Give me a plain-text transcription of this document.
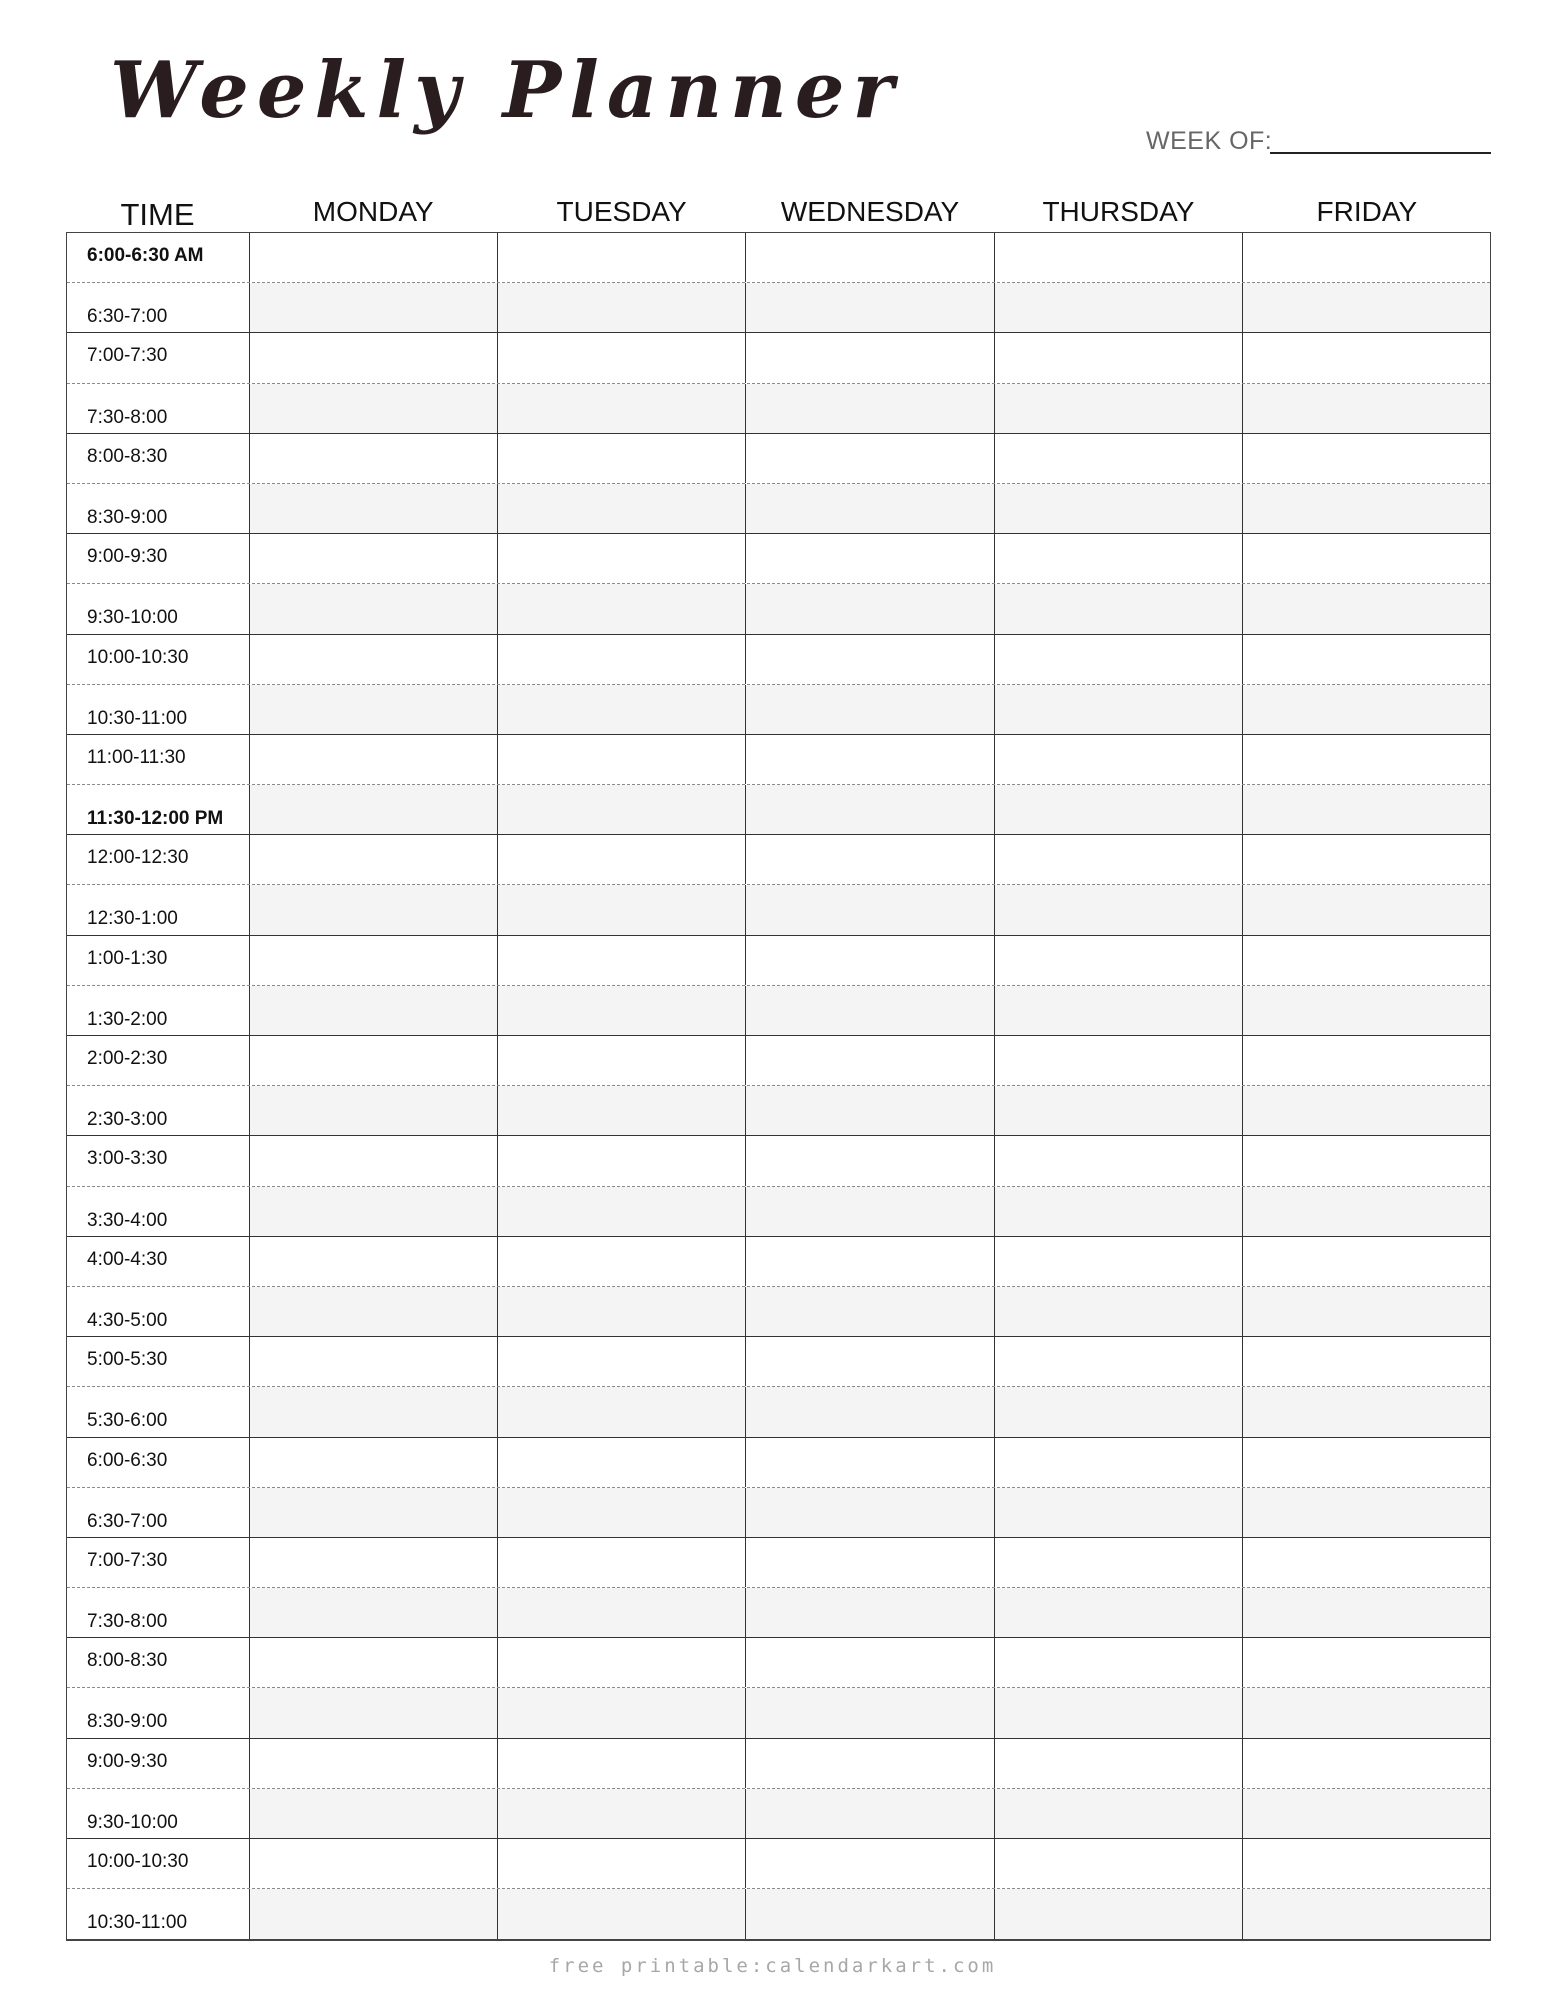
Weekly Planner
WEEK OF:
TIME	MONDAY	TUESDAY	WEDNESDAY	THURSDAY	FRIDAY
6:00-6:30 AM
6:30-7:00
7:00-7:30
7:30-8:00
8:00-8:30
8:30-9:00
9:00-9:30
9:30-10:00
10:00-10:30
10:30-11:00
11:00-11:30
11:30-12:00 PM
12:00-12:30
12:30-1:00
1:00-1:30
1:30-2:00
2:00-2:30
2:30-3:00
3:00-3:30
3:30-4:00
4:00-4:30
4:30-5:00
5:00-5:30
5:30-6:00
6:00-6:30
6:30-7:00
7:00-7:30
7:30-8:00
8:00-8:30
8:30-9:00
9:00-9:30
9:30-10:00
10:00-10:30
10:30-11:00
free printable:calendarkart.com
